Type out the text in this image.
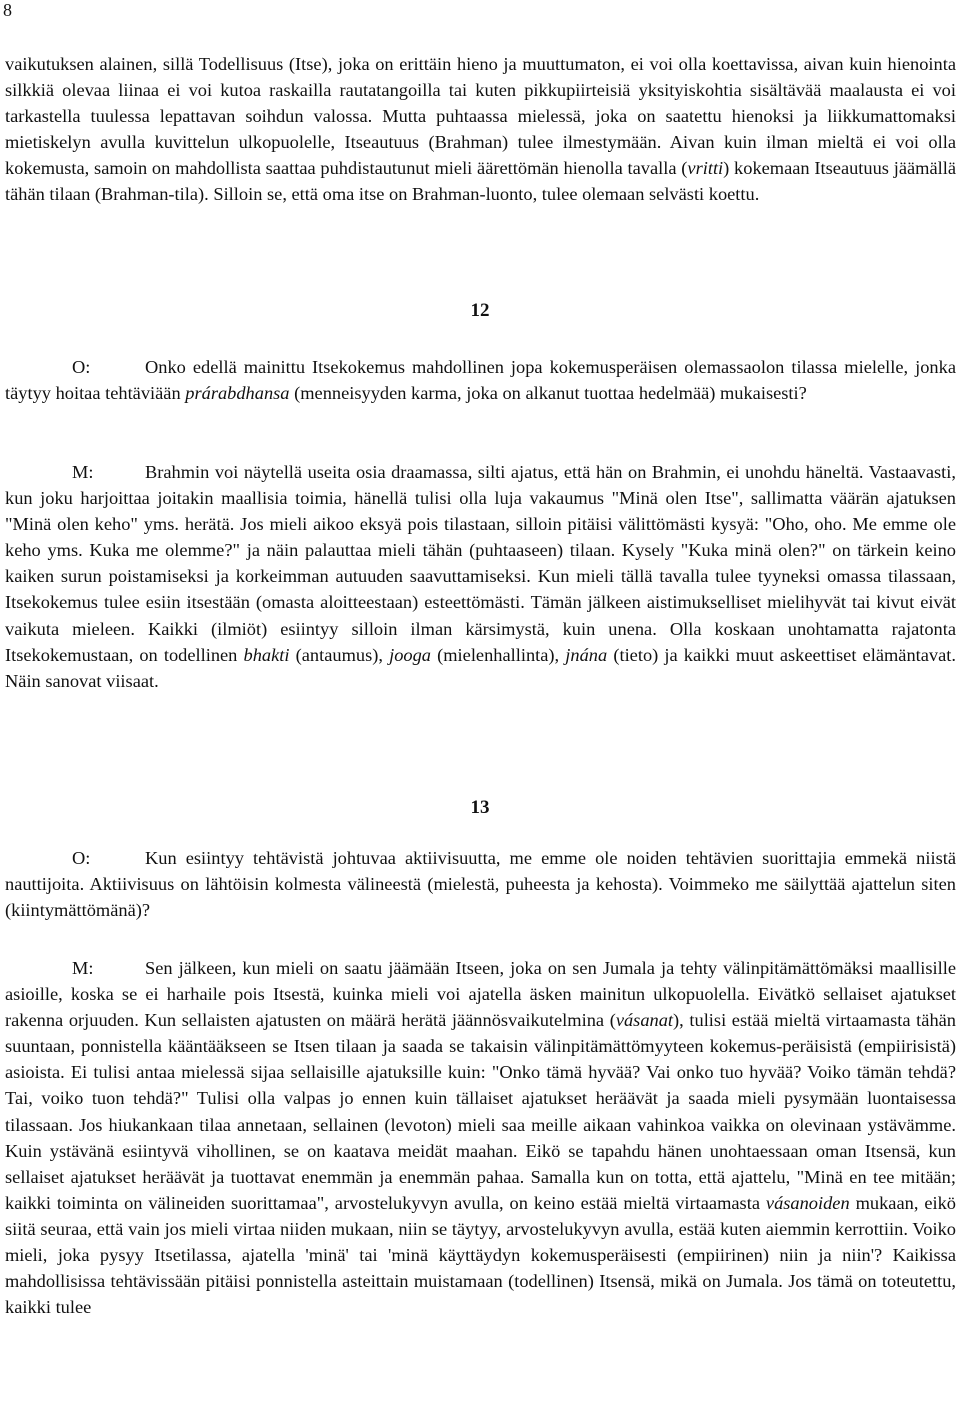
8

vaikutuksen alainen, sillä Todellisuus (Itse), joka on erittäin hieno ja muuttumaton, ei voi olla koettavissa, aivan kuin hienointa silkkiä olevaa liinaa ei voi kutoa raskailla rautatangoilla tai kuten pikkupiirteisiä yksityiskohtia sisältävää maalausta ei voi tarkastella tuulessa lepattavan soihdun valossa. Mutta puhtaassa mielessä, joka on saatettu hienoksi ja liikkumattomaksi mietiskelyn avulla kuvittelun ulkopuolelle, Itseautuus (Brahman) tulee ilmestymään. Aivan kuin ilman mieltä ei voi olla kokemusta, samoin on mahdollista saattaa puhdistautunut mieli äärettömän hienolla tavalla (vritti) kokemaan Itseautuus jäämällä tähän tilaan (Brahman-tila). Silloin se, että oma itse on Brahman-luonto, tulee olemaan selvästi koettu.

12

O:	Onko edellä mainittu Itsekokemus mahdollinen jopa kokemusperäisen olemassaolon tilassa mielelle, jonka täytyy hoitaa tehtäviään prárabdhansa (menneisyyden karma, joka on alkanut tuottaa hedelmää) mukaisesti?

M:	Brahmin voi näytellä useita osia draamassa, silti ajatus, että hän on Brahmin, ei unohdu häneltä. Vastaavasti, kun joku harjoittaa joitakin maallisia toimia, hänellä tulisi olla luja vakaumus "Minä olen Itse", sallimatta väärän ajatuksen "Minä olen keho" yms. herätä. Jos mieli aikoo eksyä pois tilastaan, silloin pitäisi välittömästi kysyä: "Oho, oho. Me emme ole keho yms. Kuka me olemme?" ja näin palauttaa mieli tähän (puhtaaseen) tilaan. Kysely "Kuka minä olen?" on tärkein keino kaiken surun poistamiseksi ja korkeimman autuuden saavuttamiseksi. Kun mieli tällä tavalla tulee tyyneksi omassa tilassaan, Itsekokemus tulee esiin itsestään (omasta aloitteestaan) esteettömästi. Tämän jälkeen aistimukselliset mielihyvät tai kivut eivät vaikuta mieleen. Kaikki (ilmiöt) esiintyy silloin ilman kärsimystä, kuin unena. Olla koskaan unohtamatta rajatonta Itsekokemustaan, on todellinen bhakti (antaumus), jooga (mielenhallinta), jnána (tieto) ja kaikki muut askeettiset elämäntavat. Näin sanovat viisaat.

13

O:	Kun esiintyy tehtävistä johtuvaa aktiivisuutta, me emme ole noiden tehtävien suorittajia emmekä niistä nauttijoita. Aktiivisuus on lähtöisin kolmesta välineestä (mielestä, puheesta ja kehosta). Voimmeko me säilyttää ajattelun siten (kiintymättömänä)?

M:	Sen jälkeen, kun mieli on saatu jäämään Itseen, joka on sen Jumala ja tehty välinpitämättömäksi maallisille asioille, koska se ei harhaile pois Itsestä, kuinka mieli voi ajatella äsken mainitun ulkopuolella. Eivätkö sellaiset ajatukset rakenna orjuuden. Kun sellaisten ajatusten on määrä herätä jäännösvaikutelmina (vásanat), tulisi estää mieltä virtaamasta tähän suuntaan, ponnistella kääntääkseen se Itsen tilaan ja saada se takaisin välinpitämättömyyteen kokemus-peräisistä (empiirisistä) asioista. Ei tulisi antaa mielessä sijaa sellaisille ajatuksille kuin: "Onko tämä hyvää? Vai onko tuo hyvää? Voiko tämän tehdä? Tai, voiko tuon tehdä?" Tulisi olla valpas jo ennen kuin tällaiset ajatukset heräävät ja saada mieli pysymään luontaisessa tilassaan. Jos hiukankaan tilaa annetaan, sellainen (levoton) mieli saa meille aikaan vahinkoa vaikka on olevinaan ystävämme. Kuin ystävänä esiintyvä vihollinen, se on kaatava meidät maahan. Eikö se tapahdu hänen unohtaessaan oman Itsensä, kun sellaiset ajatukset heräävät ja tuottavat enemmän ja enemmän pahaa. Samalla kun on totta, että ajattelu, "Minä en tee mitään; kaikki toiminta on välineiden suorittamaa", arvostelukyvyn avulla, on keino estää mieltä virtaamasta vásanoiden mukaan, eikö siitä seuraa, että vain jos mieli virtaa niiden mukaan, niin se täytyy, arvostelukyvyn avulla, estää kuten aiemmin kerrottiin. Voiko mieli, joka pysyy Itsetilassa, ajatella 'minä' tai 'minä käyttäydyn kokemusperäisesti (empiirinen) niin ja niin'? Kaikissa mahdollisissa tehtävissään pitäisi ponnistella asteittain muistamaan (todellinen) Itsensä, mikä on Jumala. Jos tämä on toteutettu, kaikki tulee
